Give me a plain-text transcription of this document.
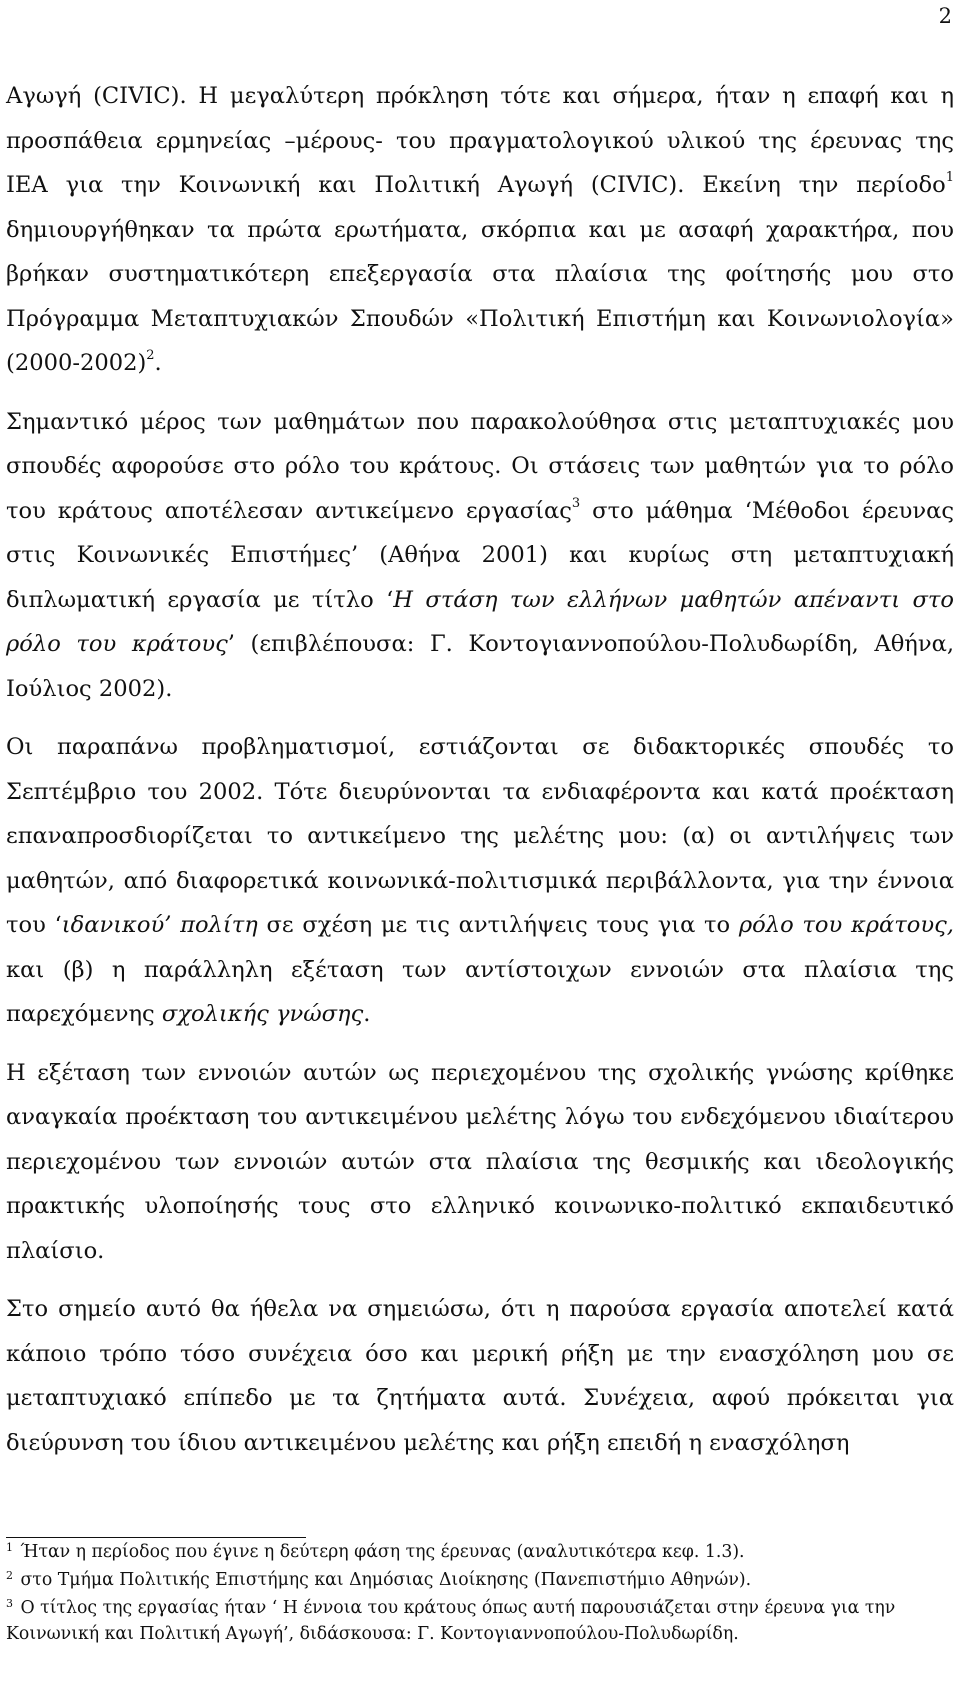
2

Αγωγή (CIVIC). Η μεγαλύτερη πρόκληση τότε και σήμερα, ήταν η επαφή και η προσπάθεια ερμηνείας –μέρους- του πραγματολογικού υλικού της έρευνας της IEA για την Κοινωνική και Πολιτική Αγωγή (CIVIC). Εκείνη την περίοδο$^1$ δημιουργήθηκαν τα πρώτα ερωτήματα, σκόρπια και με ασαφή χαρακτήρα, που βρήκαν συστηματικότερη επεξεργασία στα πλαίσια της φοίτησής μου στο Πρόγραμμα Μεταπτυχιακών Σπουδών «Πολιτική Επιστήμη και Κοινωνιολογία» (2000-2002)$^2$.

Σημαντικό μέρος των μαθημάτων που παρακολούθησα στις μεταπτυχιακές μου σπουδές αφορούσε στο ρόλο του κράτους. Οι στάσεις των μαθητών για το ρόλο του κράτους αποτέλεσαν αντικείμενο εργασίας$^3$ στο μάθημα ‘Μέθοδοι έρευνας στις Κοινωνικές Επιστήμες’ (Αθήνα 2001) και κυρίως στη μεταπτυχιακή διπλωματική εργασία με τίτλο ‘Η στάση των ελλήνων μαθητών απέναντι στο ρόλο του κράτους’ (επιβλέπουσα: Γ. Κοντογιαννοπούλου-Πολυδωρίδη, Αθήνα, Ιούλιος 2002).

Οι παραπάνω προβληματισμοί, εστιάζονται σε διδακτορικές σπουδές το Σεπτέμβριο του 2002. Τότε διευρύνονται τα ενδιαφέροντα και κατά προέκταση επαναπροσδιορίζεται το αντικείμενο της μελέτης μου: (α) οι αντιλήψεις των μαθητών, από διαφορετικά κοινωνικά-πολιτισμικά περιβάλλοντα, για την έννοια του ‘ιδανικού’ πολίτη σε σχέση με τις αντιλήψεις τους για το ρόλο του κράτους, και (β) η παράλληλη εξέταση των αντίστοιχων εννοιών στα πλαίσια της παρεχόμενης σχολικής γνώσης.

Η εξέταση των εννοιών αυτών ως περιεχομένου της σχολικής γνώσης κρίθηκε αναγκαία προέκταση του αντικειμένου μελέτης λόγω του ενδεχόμενου ιδιαίτερου περιεχομένου των εννοιών αυτών στα πλαίσια της θεσμικής και ιδεολογικής πρακτικής υλοποίησής τους στο ελληνικό κοινωνικο-πολιτικό εκπαιδευτικό πλαίσιο.

Στο σημείο αυτό θα ήθελα να σημειώσω, ότι η παρούσα εργασία αποτελεί κατά κάποιο τρόπο τόσο συνέχεια όσο και μερική ρήξη με την ενασχόληση μου σε μεταπτυχιακό επίπεδο με τα ζητήματα αυτά. Συνέχεια, αφού πρόκειται για διεύρυνση του ίδιου αντικειμένου μελέτης και ρήξη επειδή η ενασχόληση

$^1$ Ήταν η περίοδος που έγινε η δεύτερη φάση της έρευνας (αναλυτικότερα κεφ. 1.3).

$^2$ στο Τμήμα Πολιτικής Επιστήμης και Δημόσιας Διοίκησης (Πανεπιστήμιο Αθηνών).

$^3$ Ο τίτλος της εργασίας ήταν ‘ Η έννοια του κράτους όπως αυτή παρουσιάζεται στην έρευνα για την Κοινωνική και Πολιτική Αγωγή’, διδάσκουσα: Γ. Κοντογιαννοπούλου-Πολυδωρίδη.
